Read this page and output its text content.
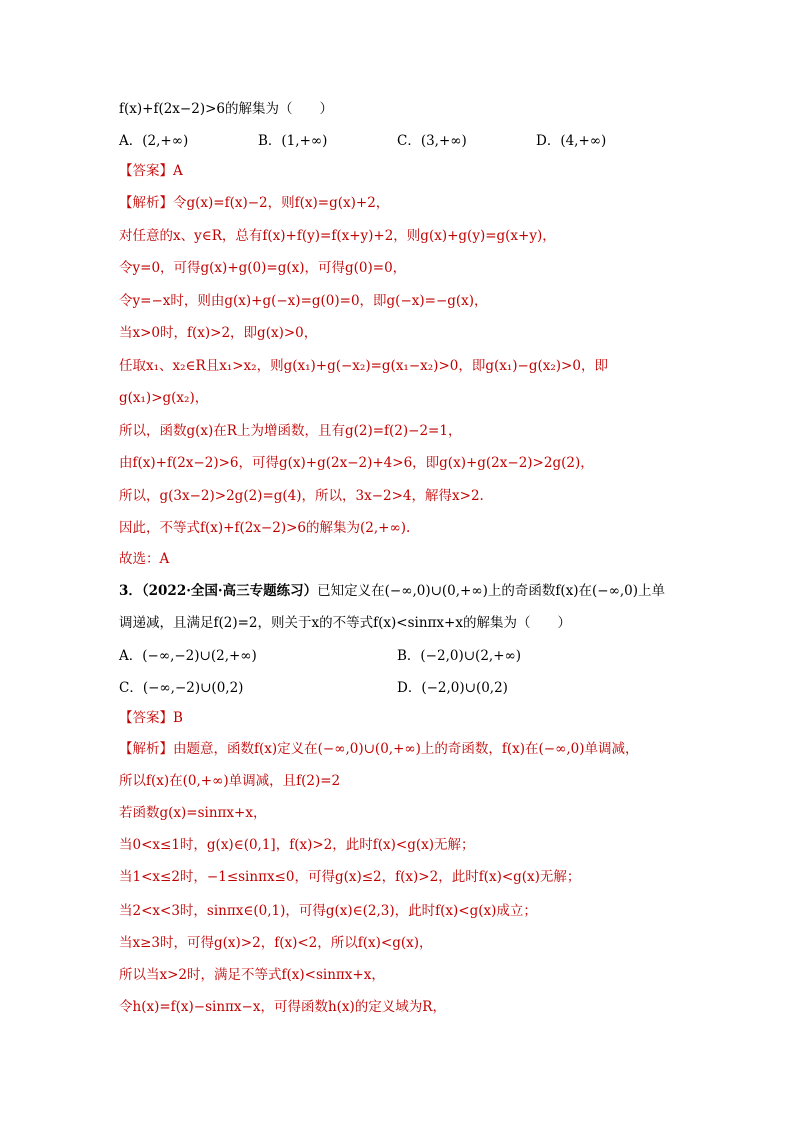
f(x)+f(2x−2)>6的解集为（　　）
A．(2,+∞)	B．(1,+∞)	C．(3,+∞)	D．(4,+∞)
【答案】A
【解析】令g(x)=f(x)−2，则f(x)=g(x)+2，
对任意的x、y∈R，总有f(x)+f(y)=f(x+y)+2，则g(x)+g(y)=g(x+y)，
令y=0，可得g(x)+g(0)=g(x)，可得g(0)=0，
令y=−x时，则由g(x)+g(−x)=g(0)=0，即g(−x)=−g(x)，
当x>0时，f(x)>2，即g(x)>0，
任取x₁、x₂∈R且x₁>x₂，则g(x₁)+g(−x₂)=g(x₁−x₂)>0，即g(x₁)−g(x₂)>0，即
g(x₁)>g(x₂)，
所以，函数g(x)在R上为增函数，且有g(2)=f(2)−2=1，
由f(x)+f(2x−2)>6，可得g(x)+g(2x−2)+4>6，即g(x)+g(2x−2)>2g(2)，
所以，g(3x−2)>2g(2)=g(4)，所以，3x−2>4，解得x>2.
因此，不等式f(x)+f(2x−2)>6的解集为(2,+∞).
故选：A
3．（2022·全国·高三专题练习）已知定义在(−∞,0)∪(0,+∞)上的奇函数f(x)在(−∞,0)上单
调递减，且满足f(2)=2，则关于x的不等式f(x)<sinπx+x的解集为（　　）
A．(−∞,−2)∪(2,+∞)	B．(−2,0)∪(2,+∞)
C．(−∞,−2)∪(0,2)	D．(−2,0)∪(0,2)
【答案】B
【解析】由题意，函数f(x)定义在(−∞,0)∪(0,+∞)上的奇函数，f(x)在(−∞,0)单调减，
所以f(x)在(0,+∞)单调减，且f(2)=2
若函数g(x)=sinπx+x，
当0<x≤1时，g(x)∈(0,1]，f(x)>2，此时f(x)<g(x)无解；
当1<x≤2时，−1≤sinπx≤0，可得g(x)≤2，f(x)>2，此时f(x)<g(x)无解；
当2<x<3时，sinπx∈(0,1)，可得g(x)∈(2,3)，此时f(x)<g(x)成立；
当x≥3时，可得g(x)>2，f(x)<2，所以f(x)<g(x)，
所以当x>2时，满足不等式f(x)<sinπx+x，
令h(x)=f(x)−sinπx−x，可得函数h(x)的定义域为R，
